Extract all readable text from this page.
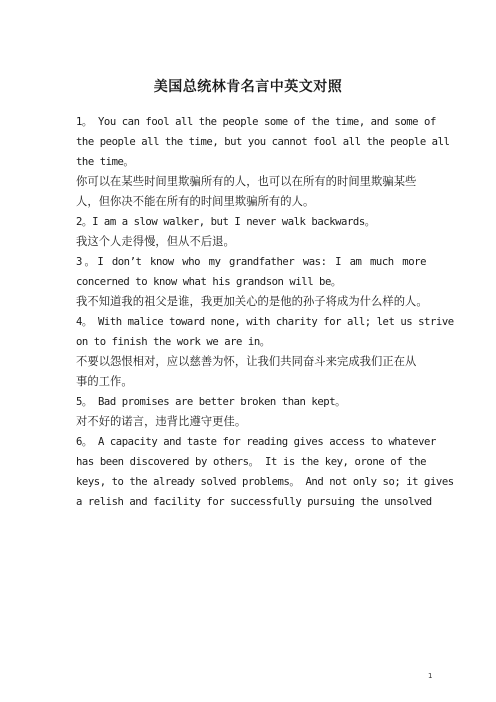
美国总统林肯名言中英文对照
1。 You can fool all the people some of the time, and some of
the people all the time, but you cannot fool all the people all
the time。
你可以在某些时间里欺骗所有的人，也可以在所有的时间里欺骗某些
人，但你决不能在所有的时间里欺骗所有的人。
2。I am a slow walker, but I never walk backwards。
我这个人走得慢，但从不后退。
3。I don’t know who my grandfather was: I am much more
concerned to know what his grandson will be。
我不知道我的祖父是谁，我更加关心的是他的孙子将成为什么样的人。
4。 With malice toward none, with charity for all; let us strive
on to finish the work we are in。
不要以怨恨相对，应以慈善为怀，让我们共同奋斗来完成我们正在从
事的工作。
5。 Bad promises are better broken than kept。
对不好的诺言，违背比遵守更佳。
6。 A capacity and taste for reading gives access to whatever
has been discovered by others。 It is the key, orone of the
keys, to the already solved problems。 And not only so; it gives
a relish and facility for successfully pursuing the unsolved
1
